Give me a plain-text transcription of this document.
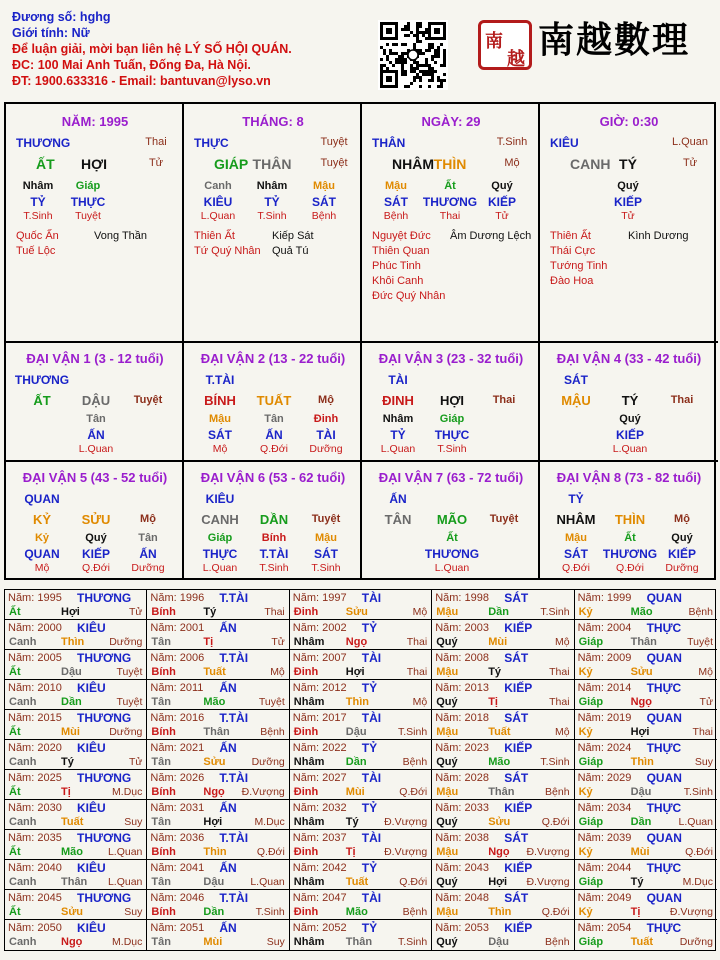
Đương số: hghg
Giới tính: Nữ
Để luận giải, mời bạn liên hệ LÝ SỐ HỘI QUÁN.
ĐC: 100 Mai Anh Tuấn, Đống Đa, Hà Nội.
ĐT: 1900.633316 - Email: bantuvan@lyso.vn
南
越 南越數理
NĂM: 1995
THƯƠNG	Thai
ẤT HỢI	Tử
Nhâm Giáp
TỶ THỰC
T.Sinh Tuyệt
Quốc Ấn	Vong Thần
Tuế Lộc
THÁNG: 8
THỰC	Tuyệt
GIÁP THÂN	Tuyệt
Canh Nhâm Mậu
KIÊU	TỶ	SÁT
L.Quan T.Sinh Bệnh
Thiên Ất	Kiếp Sát
Tứ Quý Nhân Quả Tú
NGÀY: 29
THÂN	T.Sinh
NHÂM THÌN	Mộ
Mậu	Ất	Quý
SÁT THƯƠNG KIẾP
Bệnh	Thai	Tử
Nguyệt Đức Âm Dương Lệch
Thiên Quan
Phúc Tinh
Khôi Canh
Đức Quý Nhân
GIỜ: 0:30
KIÊU	L.Quan
CANH TÝ	Tử
Quý
KIẾP
Tử
Thiên Ất	Kình Dương
Thái Cực
Tướng Tinh
Đào Hoa
ĐẠI VẬN 1 (3 - 12 tuổi)
THƯƠNG
ẤT DẬU Tuyệt
Tân
ẤN
L.Quan
ĐẠI VẬN 2 (13 - 22 tuổi)
T.TÀI
BÍNH TUẤT Mộ
Mậu	Tân	Đinh
SÁT	ẤN	TÀI
Mộ	Q.Đới Dưỡng
ĐẠI VẬN 3 (23 - 32 tuổi)
TÀI
ĐINH HỢI	Thai
Nhâm Giáp
TỶ THỰC
L.Quan T.Sinh
ĐẠI VẬN 4 (33 - 42 tuổi)
SÁT
MẬU TÝ	Thai
Quý
KIẾP
L.Quan
ĐẠI VẬN 5 (43 - 52 tuổi)
QUAN
KỶ SỬU	Mộ
Kỷ	Quý	Tân
QUAN KIẾP ẤN
Mộ	Q.Đới Dưỡng
ĐẠI VẬN 6 (53 - 62 tuổi)
KIÊU
CANH DẦN Tuyệt
Giáp	Bính	Mậu
THỰC T.TÀI SÁT
L.Quan T.Sinh T.Sinh
ĐẠI VẬN 7 (63 - 72 tuổi)
ẤN
TÂN MÃO Tuyệt
Ất
THƯƠNG
L.Quan
ĐẠI VẬN 8 (73 - 82 tuổi)
TỶ
NHÂM THÌN	Mộ
Mậu	Ất	Quý
SÁT THƯƠNG KIẾP
Q.Đới Q.Đới Dưỡng
Năm: 1995 THƯƠNG
Ất	Hợi	Tử
Năm: 1996 T.TÀI
Bính	Tý	Thai
Năm: 1997 TÀI
Đinh	Sửu	Mộ
Năm: 1998 SÁT
Mậu	Dần	T.Sinh
Năm: 1999 QUAN
Kỷ	Mão	Bệnh
Năm: 2000 KIÊU
Canh Thìn Dưỡng
Năm: 2001 ẤN
Tân	Tị	Tử
Năm: 2002 TỶ
Nhâm Ngọ	Thai
Năm: 2003 KIẾP
Quý	Mùi	Mộ
Năm: 2004 THỰC
Giáp	Thân	Tuyệt
Năm: 2005 THƯƠNG
Ất	Dậu	Tuyệt
Năm: 2006 T.TÀI
Bính	Tuất	Mộ
Năm: 2007 TÀI
Đinh	Hợi	Thai
Năm: 2008 SÁT
Mậu	Tý	Thai
Năm: 2009 QUAN
Kỷ	Sửu	Mộ
Năm: 2010 KIÊU
Canh Dần	Tuyệt
Năm: 2011 ẤN
Tân	Mão	Tuyệt
Năm: 2012 TỶ
Nhâm Thìn	Mộ
Năm: 2013 KIẾP
Quý	Tị	Thai
Năm: 2014 THỰC
Giáp	Ngọ	Tử
Năm: 2015 THƯƠNG
Ất	Mùi	Dưỡng
Năm: 2016 T.TÀI
Bính	Thân	Bệnh
Năm: 2017 TÀI
Đinh	Dậu	T.Sinh
Năm: 2018 SÁT
Mậu	Tuất	Mộ
Năm: 2019 QUAN
Kỷ	Hợi	Thai
Năm: 2020 KIÊU
Canh Tý	Tử
Năm: 2021 ẤN
Tân	Sửu Dưỡng
Năm: 2022 TỶ
Nhâm Dần	Bệnh
Năm: 2023 KIẾP
Quý	Mão	T.Sinh
Năm: 2024 THỰC
Giáp	Thìn	Suy
Năm: 2025 THƯƠNG
Ất	Tị	M.Dục
Năm: 2026 T.TÀI
Bính	Ngọ Đ.Vượng
Năm: 2027 TÀI
Đinh	Mùi	Q.Đới
Năm: 2028 SÁT
Mậu	Thân	Bệnh
Năm: 2029 QUAN
Kỷ	Dậu	T.Sinh
Năm: 2030 KIÊU
Canh Tuất	Suy
Năm: 2031 ẤN
Tân	Hợi	M.Dục
Năm: 2032 TỶ
Nhâm Tý Đ.Vượng
Năm: 2033 KIẾP
Quý	Sửu	Q.Đới
Năm: 2034 THỰC
Giáp	Dần	L.Quan
Năm: 2035 THƯƠNG
Ất	Mão L.Quan
Năm: 2036 T.TÀI
Bính	Thìn	Q.Đới
Năm: 2037 TÀI
Đinh	Tị	Đ.Vượng
Năm: 2038 SÁT
Mậu	Ngọ Đ.Vượng
Năm: 2039 QUAN
Kỷ	Mùi	Q.Đới
Năm: 2040 KIÊU
Canh Thân L.Quan
Năm: 2041 ẤN
Tân	Dậu L.Quan
Năm: 2042 TỶ
Nhâm Tuất	Q.Đới
Năm: 2043 KIẾP
Quý	Hợi Đ.Vượng
Năm: 2044 THỰC
Giáp	Tý	M.Dục
Năm: 2045 THƯƠNG
Ất	Sửu	Suy
Năm: 2046 T.TÀI
Bính	Dần	T.Sinh
Năm: 2047 TÀI
Đinh	Mão	Bệnh
Năm: 2048 SÁT
Mậu	Thìn	Q.Đới
Năm: 2049 QUAN
Kỷ	Tị	Đ.Vượng
Năm: 2050 KIÊU
Canh Ngọ	M.Dục
Năm: 2051 ẤN
Tân	Mùi	Suy
Năm: 2052 TỶ
Nhâm Thân T.Sinh
Năm: 2053 KIẾP
Quý	Dậu	Bệnh
Năm: 2054 THỰC
Giáp	Tuất	Dưỡng
